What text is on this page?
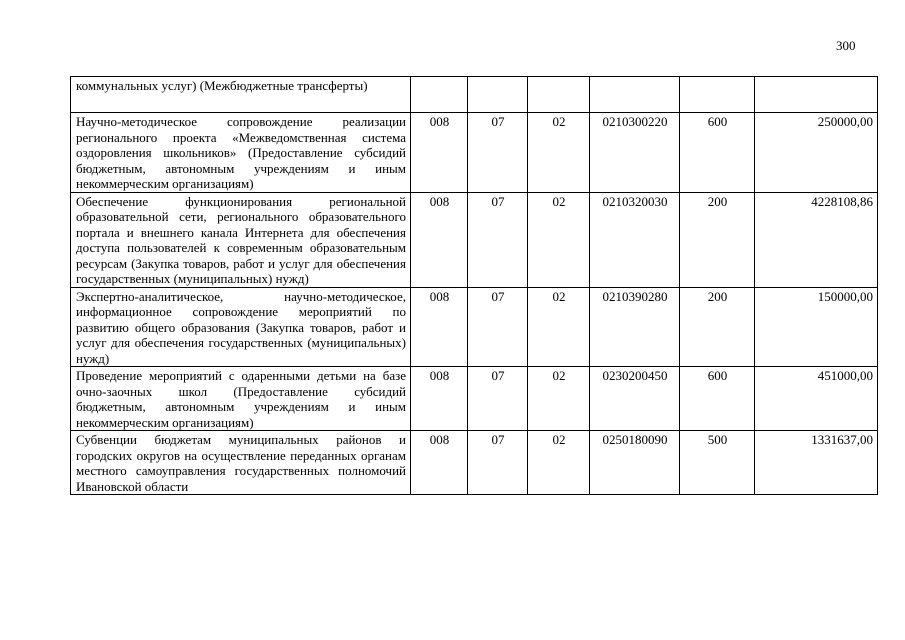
300
коммунальных услуг) (Межбюджетные трансферты)						
Научно-методическое сопровождение реализации регионального проекта «Межведомственная система оздоровления школьников» (Предоставление субсидий бюджетным, автономным учреждениям и иным некоммерческим организациям)	008	07	02	0210300220	600	250000,00
Обеспечение функционирования региональной образовательной сети, регионального образовательного портала и внешнего канала Интернета для обеспечения доступа пользователей к современным образовательным ресурсам (Закупка товаров, работ и услуг для обеспечения государственных (муниципальных) нужд)	008	07	02	0210320030	200	4228108,86
Экспертно-аналитическое, научно-методическое, информационное сопровождение мероприятий по развитию общего образования (Закупка товаров, работ и услуг для обеспечения государственных (муниципальных) нужд)	008	07	02	0210390280	200	150000,00
Проведение мероприятий с одаренными детьми на базе очно-заочных школ (Предоставление субсидий бюджетным, автономным учреждениям и иным некоммерческим организациям)	008	07	02	0230200450	600	451000,00
Субвенции бюджетам муниципальных районов и городских округов на осуществление переданных органам местного самоуправления государственных полномочий Ивановской области	008	07	02	0250180090	500	1331637,00
